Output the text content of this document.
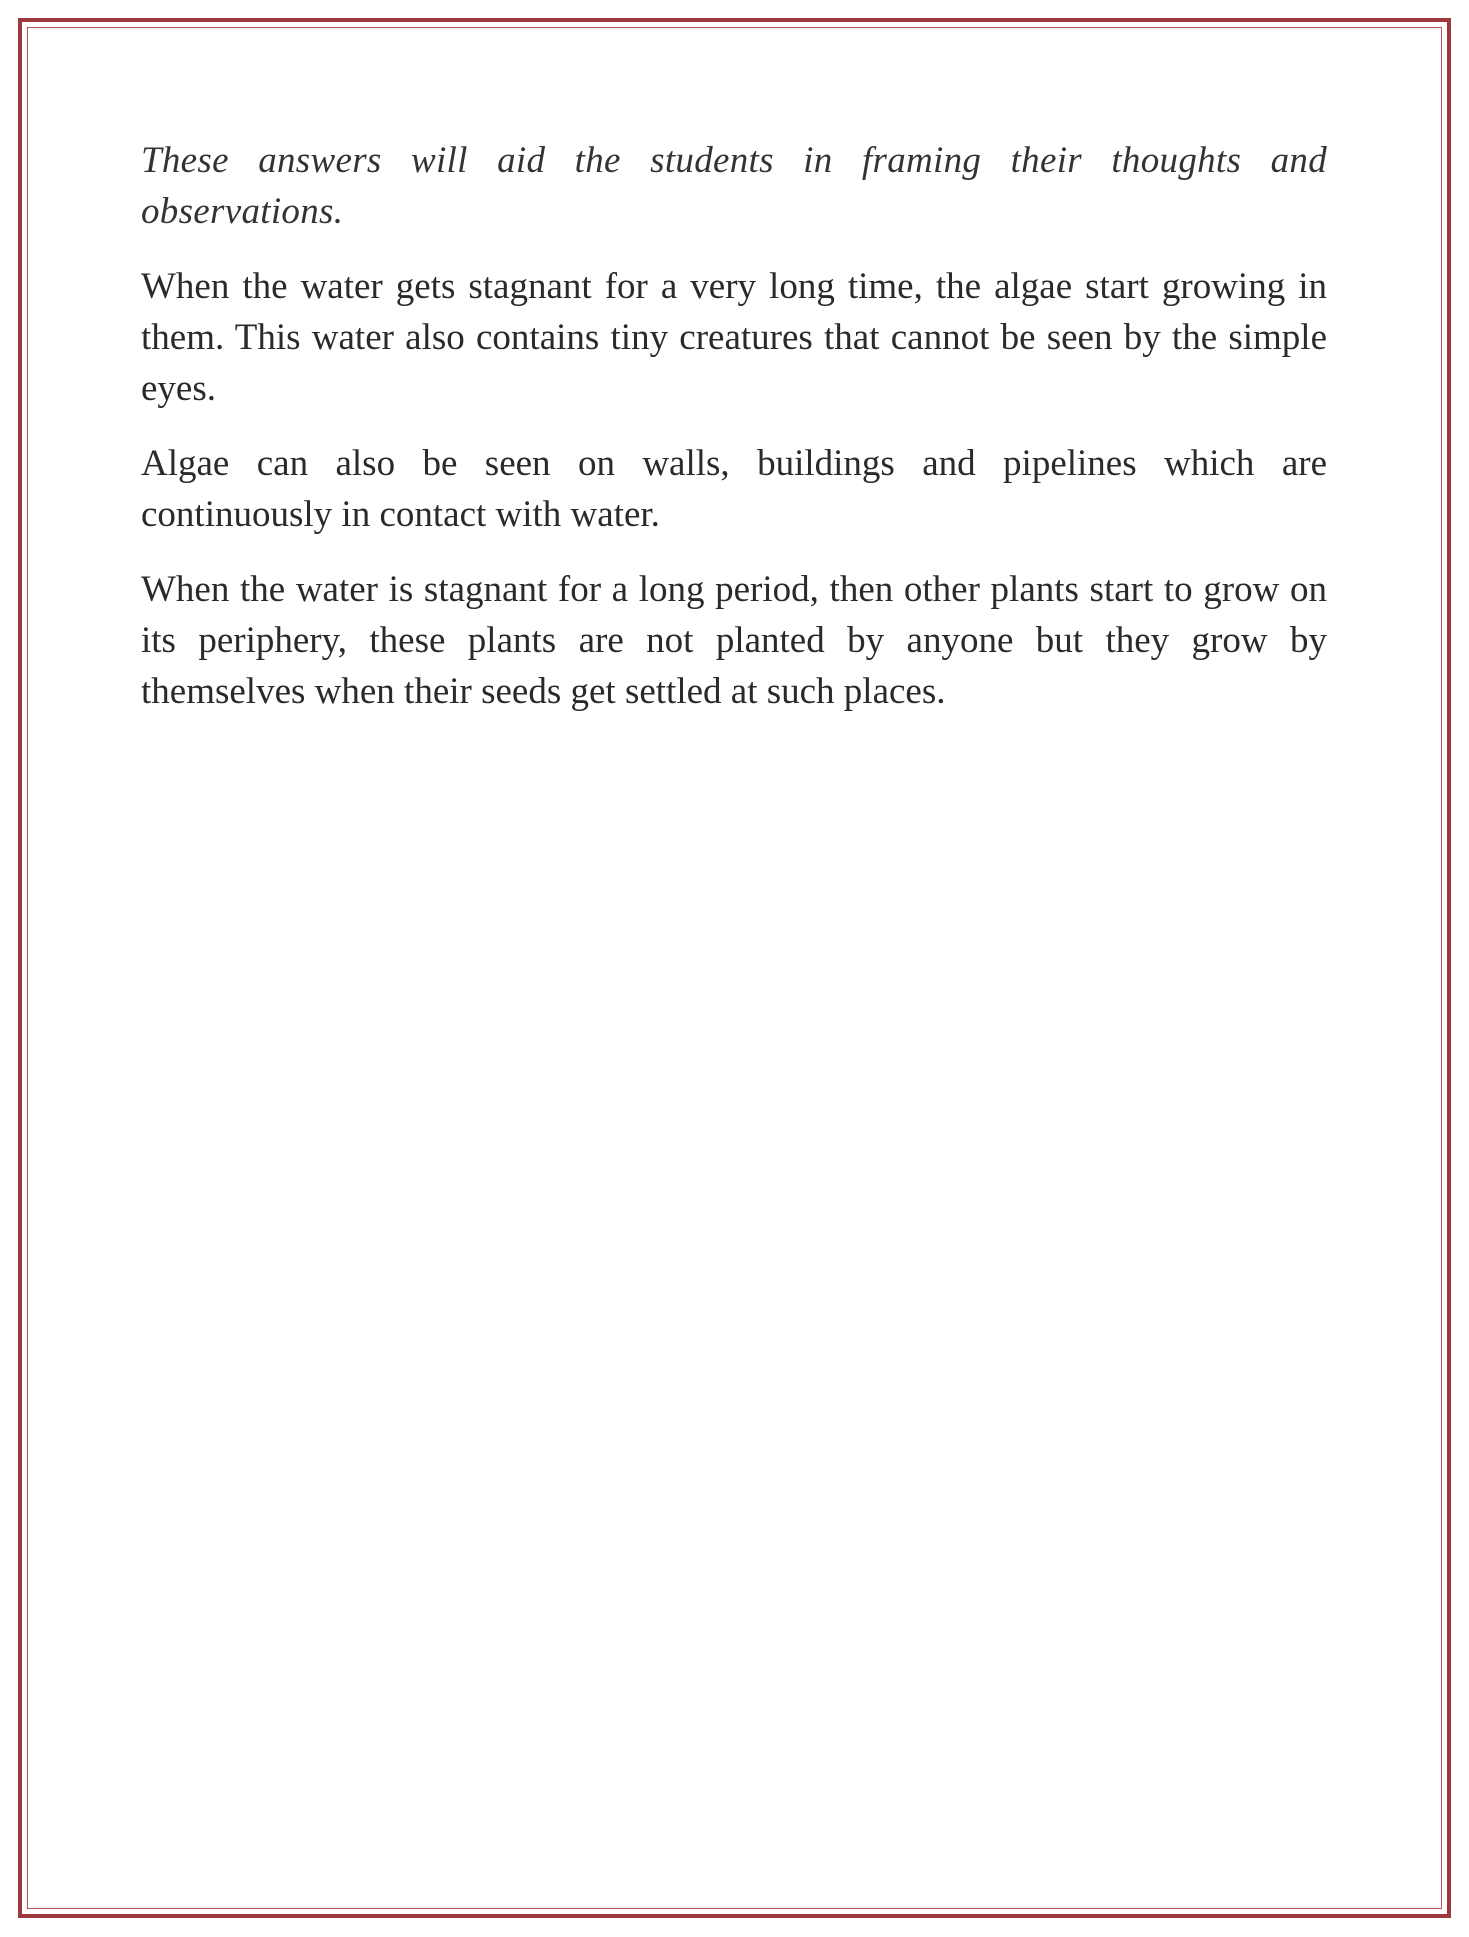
These answers will aid the students in framing their thoughts and observations.

When the water gets stagnant for a very long time, the algae start growing in them. This water also contains tiny creatures that cannot be seen by the simple eyes.

Algae can also be seen on walls, buildings and pipelines which are continuously in contact with water.

When the water is stagnant for a long period, then other plants start to grow on its periphery, these plants are not planted by anyone but they grow by themselves when their seeds get settled at such places.
